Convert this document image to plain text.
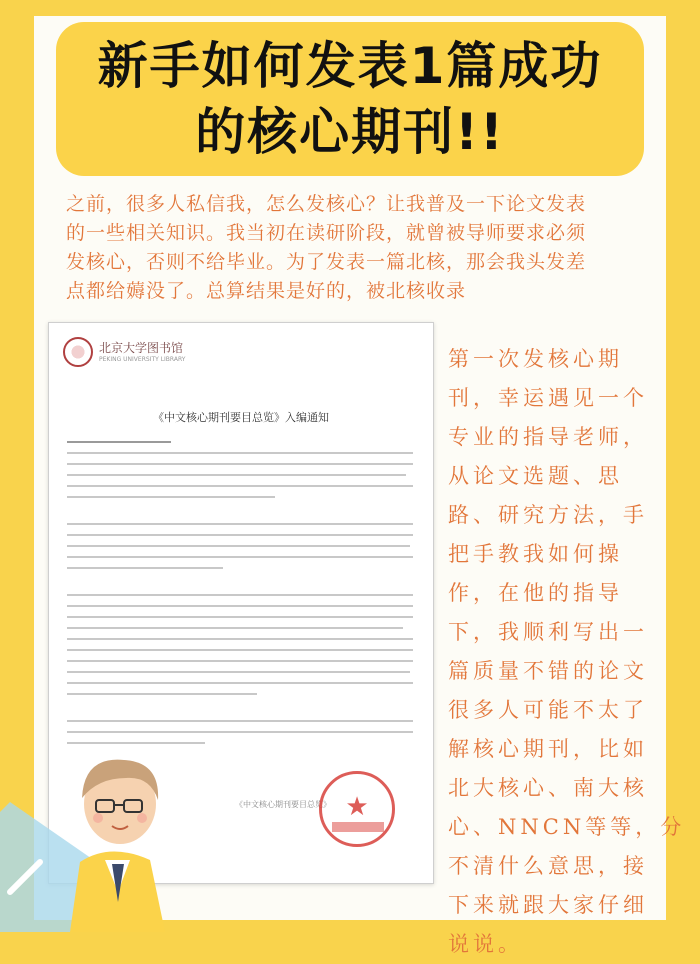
新手如何发表1篇成功
的核心期刊!!
之前，很多人私信我，怎么发核心？让我普及一下论文发表
的一些相关知识。我当初在读研阶段，就曾被导师要求必须
发核心，否则不给毕业。为了发表一篇北核，那会我头发差
点都给薅没了。总算结果是好的，被北核收录
北京大学图书馆
PEKING UNIVERSITY LIBRARY
《中文核心期刊要目总览》入编通知
《中文核心期刊要目总览》 ★
第一次发核心期
刊，幸运遇见一个
专业的指导老师，
从论文选题、思
路、研究方法，手
把手教我如何操
作，在他的指导
下，我顺利写出一
篇质量不错的论文
很多人可能不太了
解核心期刊，比如
北大核心、南大核
心、NNCN等等，分
不清什么意思，接
下来就跟大家仔细
说说。
